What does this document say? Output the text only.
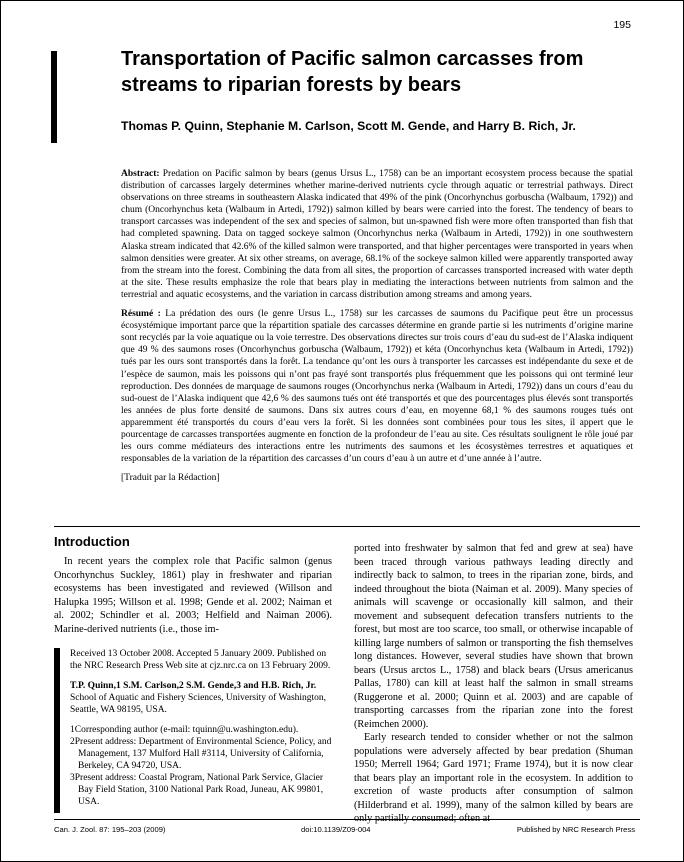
195
Transportation of Pacific salmon carcasses from streams to riparian forests by bears

Thomas P. Quinn, Stephanie M. Carlson, Scott M. Gende, and Harry B. Rich, Jr.

Abstract: Predation on Pacific salmon by bears (genus Ursus L., 1758) can be an important ecosystem process because the spatial distribution of carcasses largely determines whether marine-derived nutrients cycle through aquatic or terrestrial pathways. Direct observations on three streams in southeastern Alaska indicated that 49% of the pink (Oncorhynchus gorbuscha (Walbaum, 1792)) and chum (Oncorhynchus keta (Walbaum in Artedi, 1792)) salmon killed by bears were carried into the forest. The tendency of bears to transport carcasses was independent of the sex and species of salmon, but un-spawned fish were more often transported than fish that had completed spawning. Data on tagged sockeye salmon (Oncorhynchus nerka (Walbaum in Artedi, 1792)) in one southwestern Alaska stream indicated that 42.6% of the killed salmon were transported, and that higher percentages were transported in years when salmon densities were greater. At six other streams, on average, 68.1% of the sockeye salmon killed were apparently transported away from the stream into the forest. Combining the data from all sites, the proportion of carcasses transported increased with water depth at the site. These results emphasize the role that bears play in mediating the interactions between nutrients from salmon and the terrestrial and aquatic ecosystems, and the variation in carcass distribution among streams and among years.

Résumé : La prédation des ours (le genre Ursus L., 1758) sur les carcasses de saumons du Pacifique peut être un processus écosystémique important parce que la répartition spatiale des carcasses détermine en grande partie si les nutriments d’origine marine sont recyclés par la voie aquatique ou la voie terrestre. Des observations directes sur trois cours d’eau du sud-est de l’Alaska indiquent que 49 % des saumons roses (Oncorhynchus gorbuscha (Walbaum, 1792)) et kéta (Oncorhynchus keta (Walbaum in Artedi, 1792)) tués par les ours sont transportés dans la forêt. La tendance qu’ont les ours à transporter les carcasses est indépendante du sexe et de l’espèce de saumon, mais les poissons qui n’ont pas frayé sont transportés plus fréquemment que les poissons qui ont terminé leur reproduction. Des données de marquage de saumons rouges (Oncorhynchus nerka (Walbaum in Artedi, 1792)) dans un cours d’eau du sud-ouest de l’Alaska indiquent que 42,6 % des saumons tués ont été transportés et que des pourcentages plus élevés sont transportés les années de plus forte densité de saumons. Dans six autres cours d’eau, en moyenne 68,1 % des saumons rouges tués ont apparemment été transportés du cours d’eau vers la forêt. Si les données sont combinées pour tous les sites, il appert que le pourcentage de carcasses transportées augmente en fonction de la profondeur de l’eau au site. Ces résultats soulignent le rôle joué par les ours comme médiateurs des interactions entre les nutriments des saumons et les écosystèmes terrestres et aquatiques et responsables de la variation de la répartition des carcasses d’un cours d’eau à un autre et d’une année à l’autre.

[Traduit par la Rédaction]

Introduction

In recent years the complex role that Pacific salmon (genus Oncorhynchus Suckley, 1861) play in freshwater and riparian ecosystems has been investigated and reviewed (Willson and Halupka 1995; Willson et al. 1998; Gende et al. 2002; Naiman et al. 2002; Schindler et al. 2003; Helfield and Naiman 2006). Marine-derived nutrients (i.e., those im-

Received 13 October 2008. Accepted 5 January 2009. Published on the NRC Research Press Web site at cjz.nrc.ca on 13 February 2009.

T.P. Quinn,1 S.M. Carlson,2 S.M. Gende,3 and H.B. Rich, Jr.

School of Aquatic and Fishery Sciences, University of Washington, Seattle, WA 98195, USA.

1Corresponding author (e-mail: tquinn@u.washington.edu).

2Present address: Department of Environmental Science, Policy, and Management, 137 Mulford Hall #3114, University of California, Berkeley, CA 94720, USA.

3Present address: Coastal Program, National Park Service, Glacier Bay Field Station, 3100 National Park Road, Juneau, AK 99801, USA.

ported into freshwater by salmon that fed and grew at sea) have been traced through various pathways leading directly and indirectly back to salmon, to trees in the riparian zone, birds, and indeed throughout the biota (Naiman et al. 2009). Many species of animals will scavenge or occasionally kill salmon, and their movement and subsequent defecation transfers nutrients to the forest, but most are too scarce, too small, or otherwise incapable of killing large numbers of salmon or transporting the fish themselves long distances. However, several studies have shown that brown bears (Ursus arctos L., 1758) and black bears (Ursus americanus Pallas, 1780) can kill at least half the salmon in small streams (Ruggerone et al. 2000; Quinn et al. 2003) and are capable of transporting carcasses from the riparian zone into the forest (Reimchen 2000).

Early research tended to consider whether or not the salmon populations were adversely affected by bear predation (Shuman 1950; Merrell 1964; Gard 1971; Frame 1974), but it is now clear that bears play an important role in the ecosystem. In addition to excretion of waste products after consumption of salmon (Hilderbrand et al. 1999), many of the salmon killed by bears are

Can. J. Zool. 87: 195–203 (2009)	doi:10.1139/Z09-004	Published by NRC Research Press
